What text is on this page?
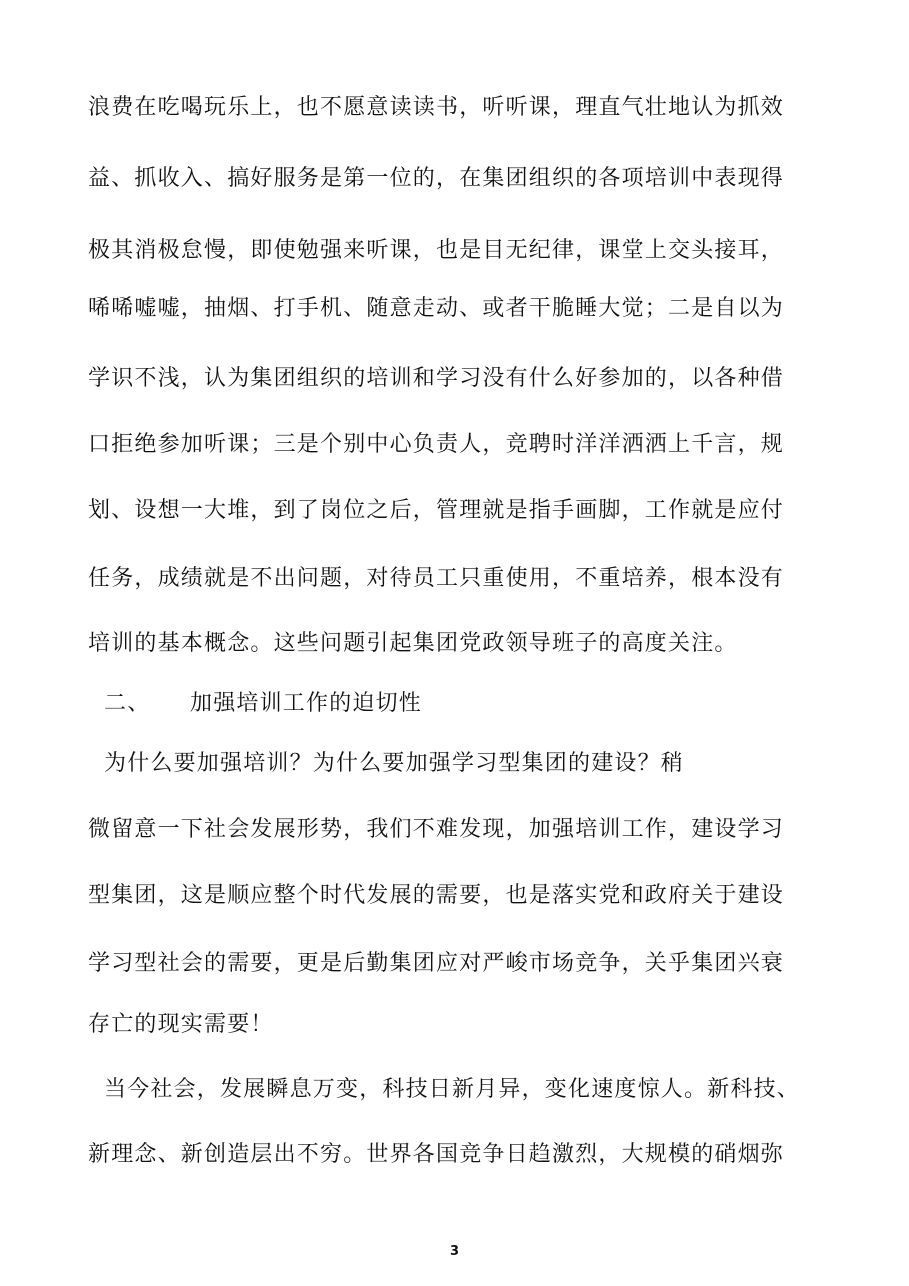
浪费在吃喝玩乐上，也不愿意读读书，听听课，理直气壮地认为抓效
益、抓收入、搞好服务是第一位的，在集团组织的各项培训中表现得
极其消极怠慢，即使勉强来听课，也是目无纪律，课堂上交头接耳，
唏唏嘘嘘，抽烟、打手机、随意走动、或者干脆睡大觉；二是自以为
学识不浅，认为集团组织的培训和学习没有什么好参加的，以各种借
口拒绝参加听课；三是个别中心负责人，竞聘时洋洋洒洒上千言，规
划、设想一大堆，到了岗位之后，管理就是指手画脚，工作就是应付
任务，成绩就是不出问题，对待员工只重使用，不重培养，根本没有
培训的基本概念。这些问题引起集团党政领导班子的高度关注。
二、 加强培训工作的迫切性
为什么要加强培训？为什么要加强学习型集团的建设？稍
微留意一下社会发展形势，我们不难发现，加强培训工作，建设学习
型集团，这是顺应整个时代发展的需要，也是落实党和政府关于建设
学习型社会的需要，更是后勤集团应对严峻市场竞争，关乎集团兴衰
存亡的现实需要！
当今社会，发展瞬息万变，科技日新月异，变化速度惊人。新科技、
新理念、新创造层出不穷。世界各国竞争日趋激烈，大规模的硝烟弥
3
